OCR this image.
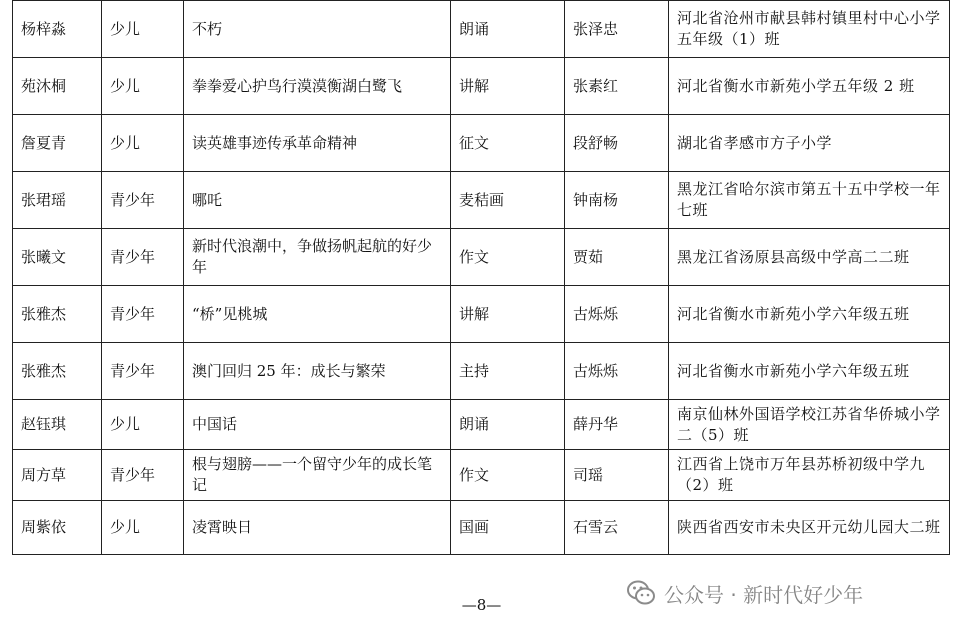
杨梓淼	少儿	不朽	朗诵	张泽忠	河北省沧州市献县韩村镇里村中心小学五年级（1）班
苑沐桐	少儿	拳拳爱心护鸟行漠漠衡湖白鹭飞	讲解	张素红	河北省衡水市新苑小学五年级 2 班
詹夏青	少儿	读英雄事迹传承革命精神	征文	段舒畅	湖北省孝感市方子小学
张珺瑶	青少年	哪吒	麦秸画	钟南杨	黑龙江省哈尔滨市第五十五中学校一年七班
张曦文	青少年	新时代浪潮中，争做扬帆起航的好少年	作文	贾茹	黑龙江省汤原县高级中学高二二班
张雅杰	青少年	“桥”见桃城	讲解	古烁烁	河北省衡水市新苑小学六年级五班
张雅杰	青少年	澳门回归 25 年：成长与繁荣	主持	古烁烁	河北省衡水市新苑小学六年级五班
赵钰琪	少儿	中国话	朗诵	薛丹华	南京仙林外国语学校江苏省华侨城小学二（5）班
周方草	青少年	根与翅膀——一个留守少年的成长笔记	作文	司瑶	江西省上饶市万年县苏桥初级中学九（2）班
周紫依	少儿	凌霄映日	国画	石雪云	陕西省西安市未央区开元幼儿园大二班
公众号 · 新时代好少年
—8—
